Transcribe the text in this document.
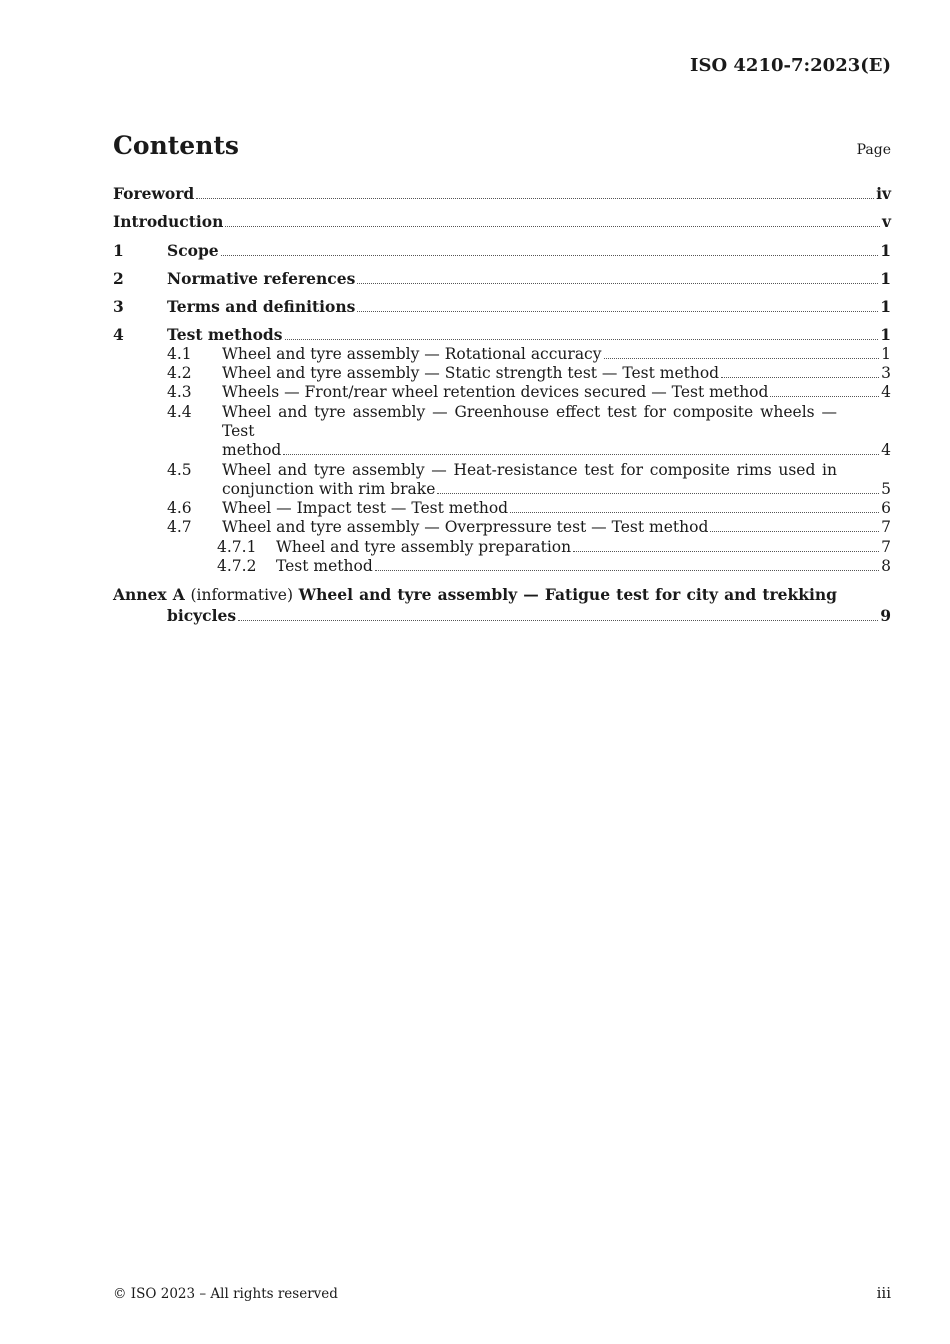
ISO 4210-7:2023(E)
Contents	Page
Foreword	iv
Introduction	v
1	Scope	1
2	Normative references	1
3	Terms and definitions	1
4	Test methods	1
4.1	Wheel and tyre assembly — Rotational accuracy	1
4.2	Wheel and tyre assembly — Static strength test — Test method	3
4.3	Wheels — Front/rear wheel retention devices secured — Test method	4
4.4	Wheel and tyre assembly — Greenhouse effect test for composite wheels — Test
method	4
4.5	Wheel and tyre assembly — Heat-resistance test for composite rims used in
conjunction with rim brake	5
4.6	Wheel — Impact test — Test method	6
4.7	Wheel and tyre assembly — Overpressure test — Test method	7
4.7.1	Wheel and tyre assembly preparation	7
4.7.2	Test method	8
Annex A (informative) Wheel and tyre assembly — Fatigue test for city and trekking
bicycles	9
© ISO 2023 – All rights reserved	iii
